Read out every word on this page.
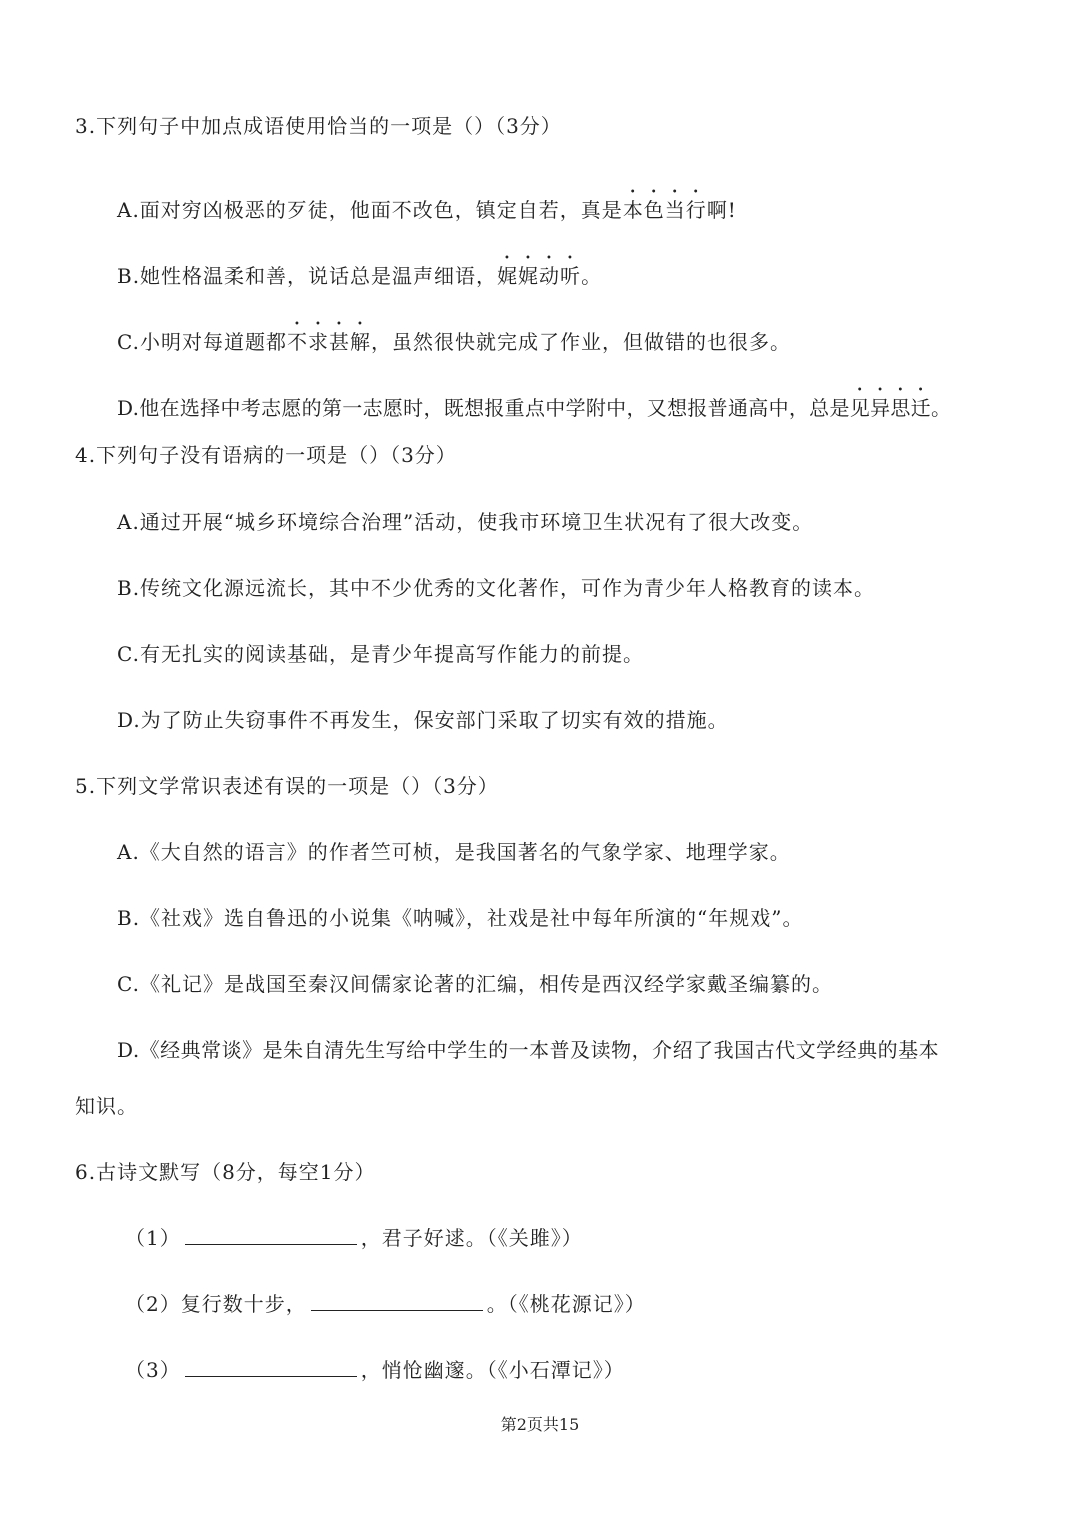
3.下列句子中加点成语使用恰当的一项是（）（3分）
A.面对穷凶极恶的歹徒，他面不改色，镇定自若，真是本色当行啊!
B.她性格温柔和善，说话总是温声细语，娓娓动听。
C.小明对每道题都不求甚解，虽然很快就完成了作业，但做错的也很多。
D.他在选择中考志愿的第一志愿时，既想报重点中学附中，又想报普通高中，总是见异思迁。
4.下列句子没有语病的一项是（）（3分）
A.通过开展“城乡环境综合治理”活动，使我市环境卫生状况有了很大改变。
B.传统文化源远流长，其中不少优秀的文化著作，可作为青少年人格教育的读本。
C.有无扎实的阅读基础，是青少年提高写作能力的前提。
D.为了防止失窃事件不再发生，保安部门采取了切实有效的措施。
5.下列文学常识表述有误的一项是（）（3分）
A.《大自然的语言》的作者竺可桢，是我国著名的气象学家、地理学家。
B.《社戏》选自鲁迅的小说集《呐喊》，社戏是社中每年所演的“年规戏”。
C.《礼记》是战国至秦汉间儒家论著的汇编，相传是西汉经学家戴圣编纂的。
D.《经典常谈》是朱自清先生写给中学生的一本普及读物，介绍了我国古代文学经典的基本
知识。
6.古诗文默写（8分，每空1分）
（1）	，君子好逑。（《关雎》）
（2）复行数十步，	。（《桃花源记》）
（3）	，悄怆幽邃。（《小石潭记》）
第2页共15
